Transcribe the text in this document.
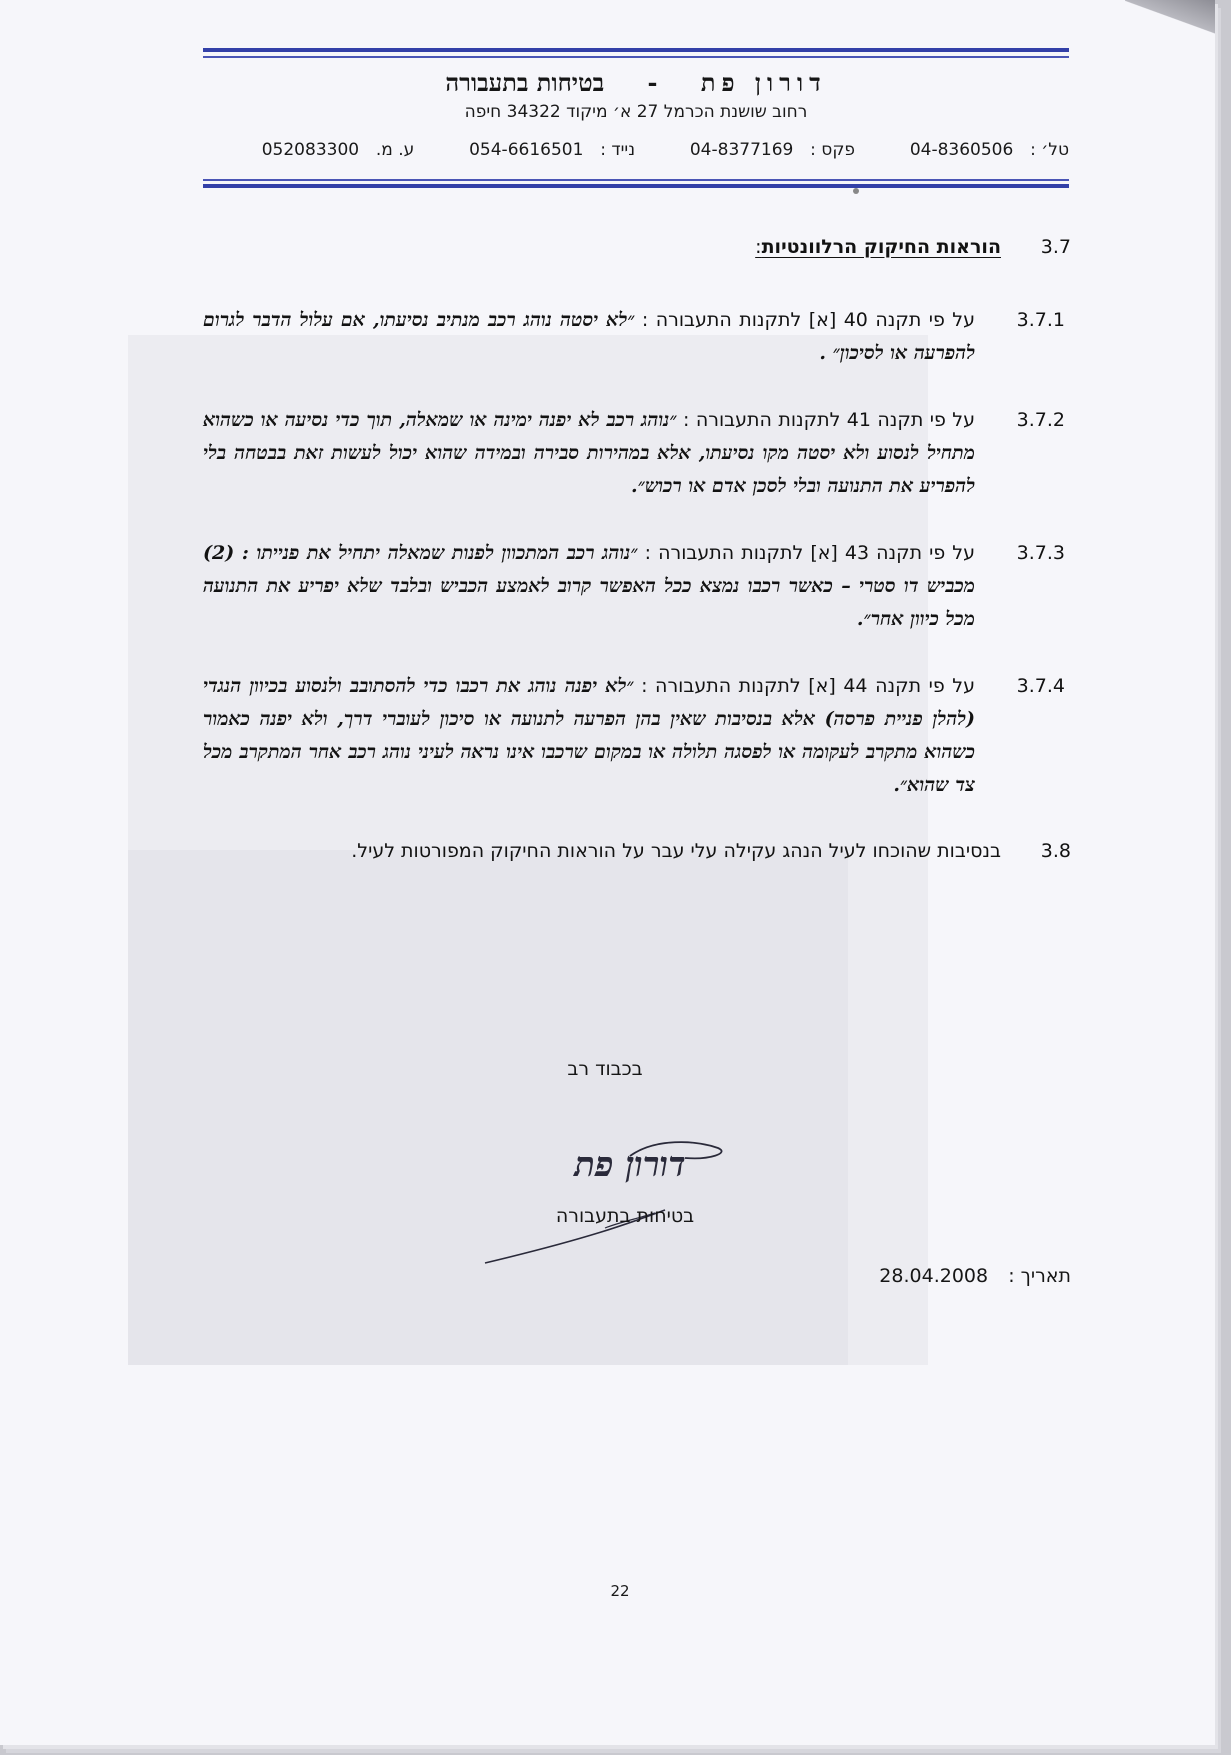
דורון פת - בטיחות בתעבורה
רחוב שושנת הכרמל 27 א׳ מיקוד 34322 חיפה
טל׳ :  04-8360506  פקס :  04-8377169  נייד :  054-6616501  ע. מ.  052083300
3.7
הוראות החיקוק הרלוונטיות:
3.7.1
על פי תקנה 40 [א] לתקנות התעבורה : ״לא יסטה נוהג רכב מנתיב נסיעתו, אם עלול הדבר לגרום להפרעה או לסיכון״ .
3.7.2
על פי תקנה 41 לתקנות התעבורה : ״נוהג רכב לא יפנה ימינה או שמאלה, תוך כדי נסיעה או כשהוא מתחיל לנסוע ולא יסטה מקו נסיעתו, אלא במהירות סבירה ובמידה שהוא יכול לעשות זאת בבטחה בלי להפריע את התנועה ובלי לסכן אדם או רכוש״.
3.7.3
על פי תקנה 43 [א] לתקנות התעבורה : ״נוהג רכב המתכוון לפנות שמאלה יתחיל את פנייתו : (2) מכביש דו סטרי – כאשר רכבו נמצא ככל האפשר קרוב לאמצע הכביש ובלבד שלא יפריע את התנועה מכל כיוון אחר״.
3.7.4
על פי תקנה 44 [א] לתקנות התעבורה : ״לא יפנה נוהג את רכבו כדי להסתובב ולנסוע בכיוון הנגדי (להלן פניית פרסה) אלא בנסיבות שאין בהן הפרעה לתנועה או סיכון לעוברי דרך, ולא יפנה כאמור כשהוא מתקרב לעקומה או לפסגה תלולה או במקום שרכבו אינו נראה לעיני נוהג רכב אחר המתקרב מכל צד שהוא״.
3.8
בנסיבות שהוכחו לעיל הנהג עקילה עלי עבר על הוראות החיקוק המפורטות לעיל.
בכבוד רב
דורון פת
בטיחות בתעבורה
תאריך :  28.04.2008
22
